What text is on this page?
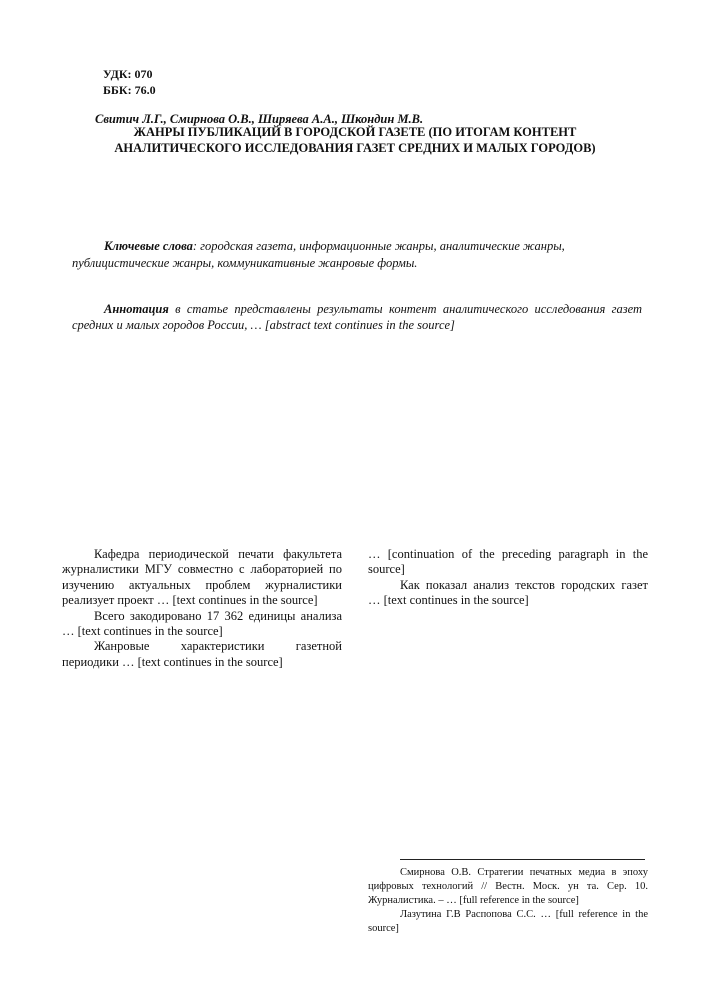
УДК: 070
ББК: 76.0
Свитич Л.Г., Смирнова О.В., Ширяева А.А., Шкондин М.В.
ЖАНРЫ ПУБЛИКАЦИЙ В ГОРОДСКОЙ ГАЗЕТЕ (ПО ИТОГАМ КОНТЕНТ АНАЛИТИЧЕСКОГО ИССЛЕДОВАНИЯ ГАЗЕТ СРЕДНИХ И МАЛЫХ ГОРОДОВ)
Ключевые слова: городская газета, информационные жанры, аналитические жанры, публицистические жанры, коммуникативные жанровые формы.
Аннотация в статье представлены результаты контент аналитического исследования газет средних и малых городов России, … [abstract text continues in the source]

Кафедра периодической печати факультета журналистики МГУ совместно с лабораторией по изучению актуальных проблем журналистики реализует проект … [text continues in the source]

Всего закодировано 17 362 единицы анализа … [text continues in the source]

Жанровые характеристики газетной периодики … [text continues in the source]

… [continuation of the preceding paragraph in the source]

Как показал анализ текстов городских газет … [text continues in the source]

Смирнова О.В. Стратегии печатных медиа в эпоху цифровых технологий // Вестн. Моск. ун та. Сер. 10. Журналистика. – … [full reference in the source]

Лазутина Г.В Распопова С.С. … [full reference in the source]
